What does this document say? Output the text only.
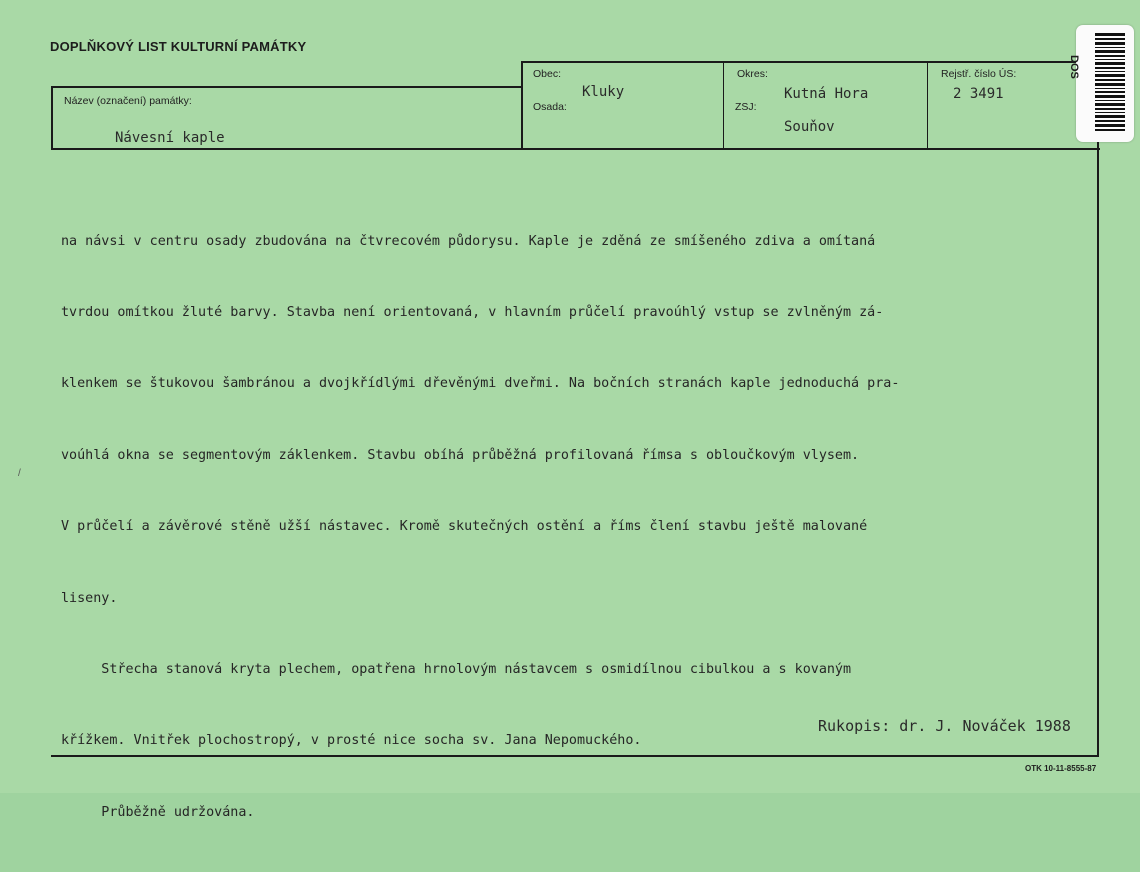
DOPLŇKOVÝ LIST KULTURNÍ PAMÁTKY
Název (označení) památky:
Obec:
Osada:
Okres:
ZSJ:
Rejstř. číslo ÚS:
Návesní kaple
Kluky	Kutná Hora
Souňov
2 3491

na návsi v centru osady zbudována na čtvrecovém půdorysu. Kaple je zděná ze smíšeného zdiva a omítaná

tvrdou omítkou žluté barvy. Stavba není orientovaná, v hlavním průčelí pravoúhlý vstup se zvlněným zá-

klenkem se štukovou šambránou a dvojkřídlými dřevěnými dveřmi. Na bočních stranách kaple jednoduchá pra-

voúhlá okna se segmentovým záklenkem. Stavbu obíhá průběžná profilovaná římsa s obloučkovým vlysem.

V průčelí a závěrové stěně užší nástavec. Kromě skutečných ostění a říms člení stavbu ještě malované

liseny.

Střecha stanová kryta plechem, opatřena hrnolovým nástavcem s osmidílnou cibulkou a s kovaným

křížkem. Vnitřek plochostropý, v prosté nice socha sv. Jana Nepomuckého.

Průběžně udržována.

Rukopis: dr. J. Nováček 1988
OTK 10-11-8555-87
/
DOS
